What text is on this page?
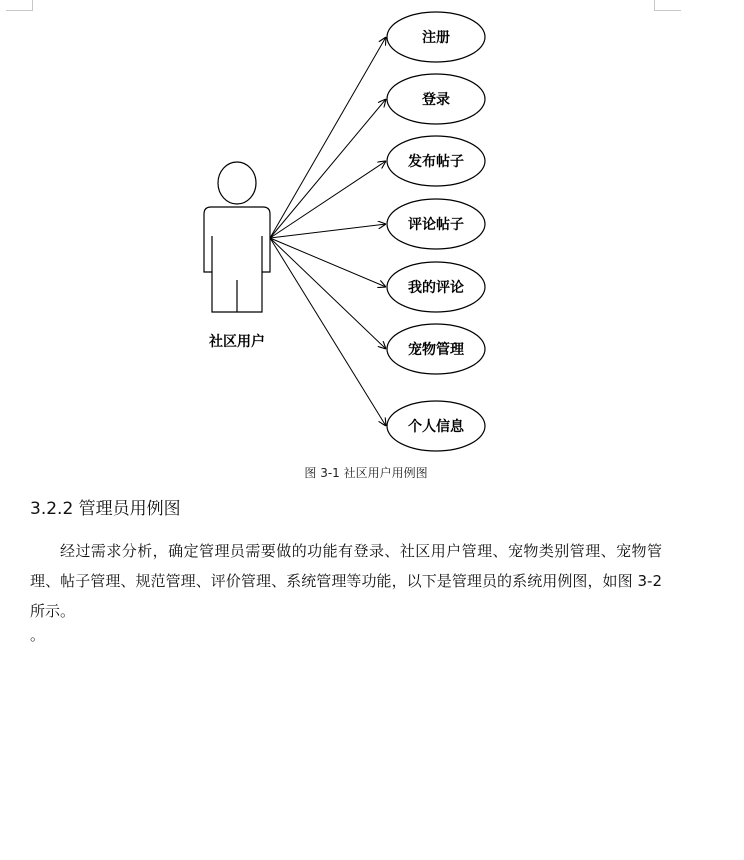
社区用户
注册
登录
发布帖子
评论帖子
我的评论
宠物管理
个人信息
图 3-1 社区用户用例图
3.2.2 管理员用例图

经过需求分析，确定管理员需要做的功能有登录、社区用户管理、宠物类别管理、宠物管理、帖子管理、规范管理、评价管理、系统管理等功能，以下是管理员的系统用例图，如图 3-2所示。

。
